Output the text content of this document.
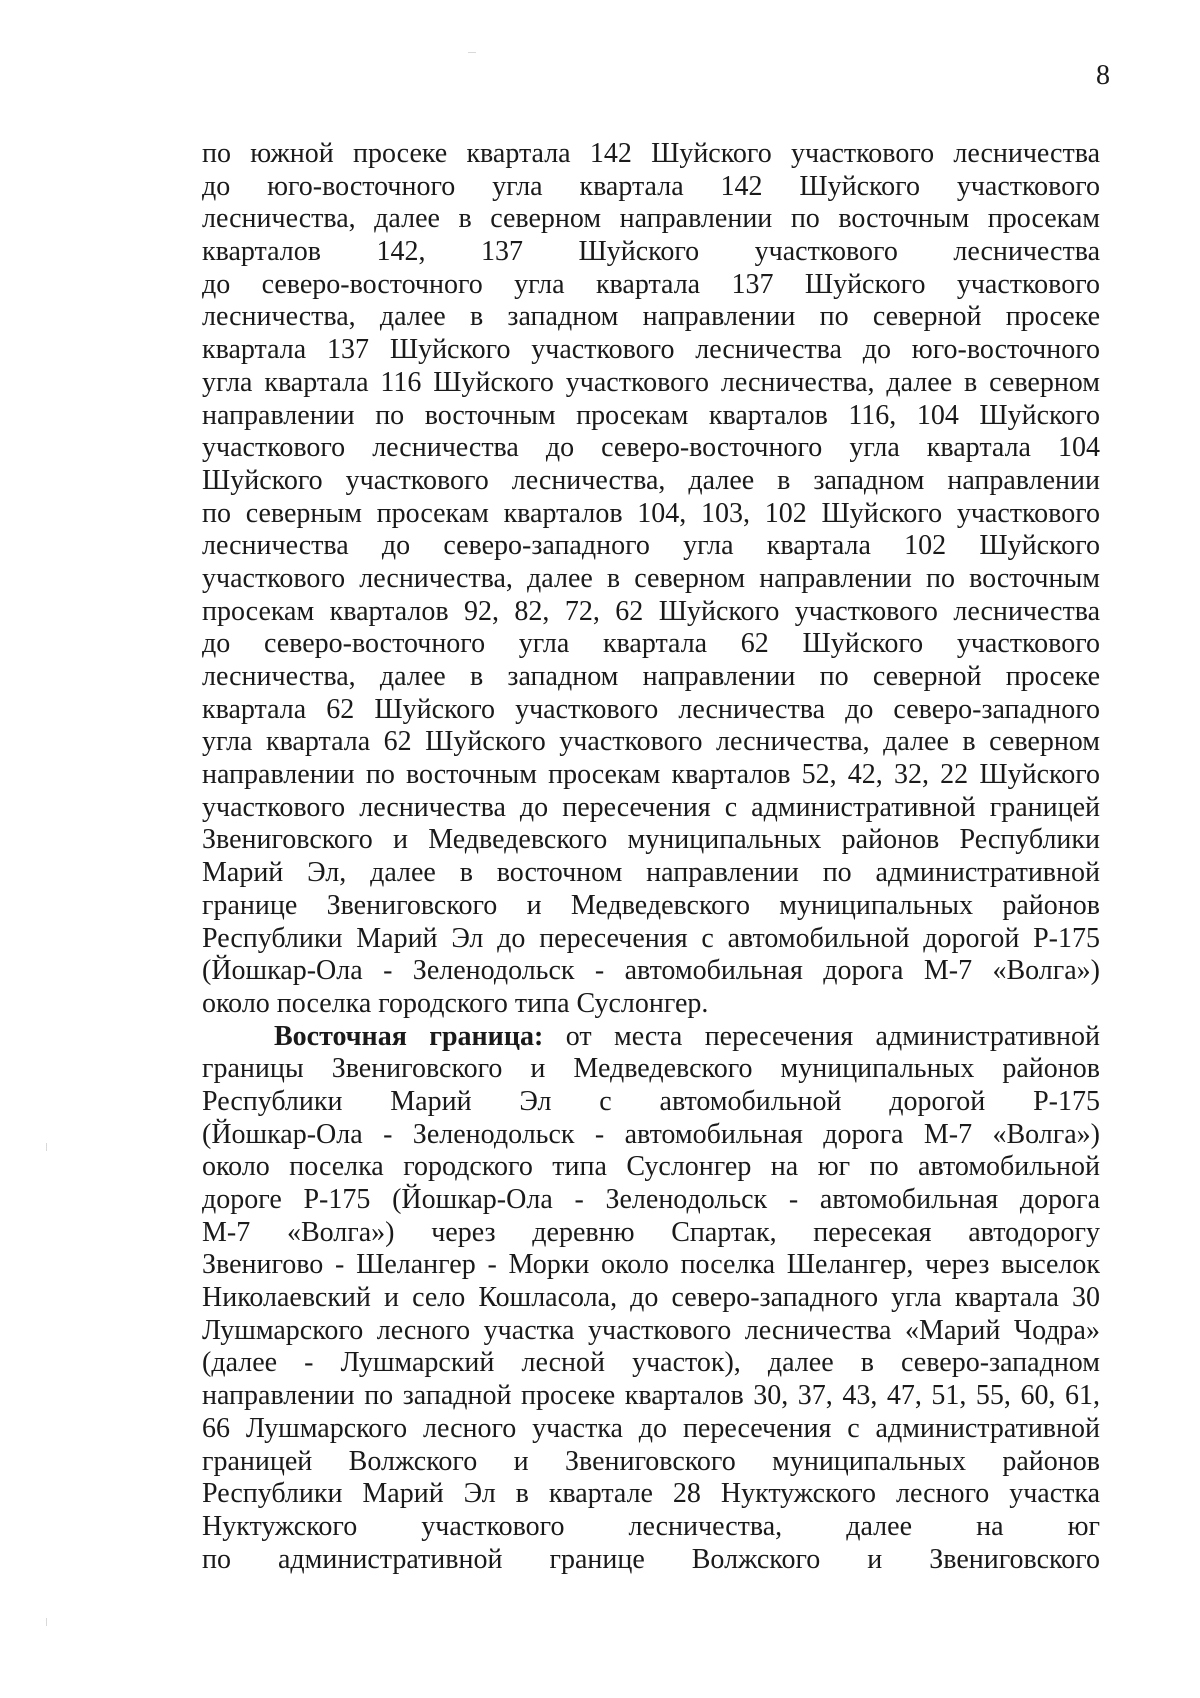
8
по южной просеке квартала 142 Шуйского участкового лесничества
до юго-восточного угла квартала 142 Шуйского участкового
лесничества, далее в северном направлении по восточным просекам
кварталов 142, 137 Шуйского участкового лесничества
до северо-восточного угла квартала 137 Шуйского участкового
лесничества, далее в западном направлении по северной просеке
квартала 137 Шуйского участкового лесничества до юго-восточного
угла квартала 116 Шуйского участкового лесничества, далее в северном
направлении по восточным просекам кварталов 116, 104 Шуйского
участкового лесничества до северо-восточного угла квартала 104
Шуйского участкового лесничества, далее в западном направлении
по северным просекам кварталов 104, 103, 102 Шуйского участкового
лесничества до северо-западного угла квартала 102 Шуйского
участкового лесничества, далее в северном направлении по восточным
просекам кварталов 92, 82, 72, 62 Шуйского участкового лесничества
до северо-восточного угла квартала 62 Шуйского участкового
лесничества, далее в западном направлении по северной просеке
квартала 62 Шуйского участкового лесничества до северо-западного
угла квартала 62 Шуйского участкового лесничества, далее в северном
направлении по восточным просекам кварталов 52, 42, 32, 22 Шуйского
участкового лесничества до пересечения с административной границей
Звениговского и Медведевского муниципальных районов Республики
Марий Эл, далее в восточном направлении по административной
границе Звениговского и Медведевского муниципальных районов
Республики Марий Эл до пересечения с автомобильной дорогой Р-175
(Йошкар-Ола - Зеленодольск - автомобильная дорога М-7 «Волга»)
около поселка городского типа Суслонгер.
Восточная граница: от места пересечения административной
границы Звениговского и Медведевского муниципальных районов
Республики Марий Эл с автомобильной дорогой Р-175
(Йошкар-Ола - Зеленодольск - автомобильная дорога М-7 «Волга»)
около поселка городского типа Суслонгер на юг по автомобильной
дороге Р-175 (Йошкар-Ола - Зеленодольск - автомобильная дорога
М-7 «Волга») через деревню Спартак, пересекая автодорогу
Звенигово - Шелангер - Морки около поселка Шелангер, через выселок
Николаевский и село Кошласола, до северо-западного угла квартала 30
Лушмарского лесного участка участкового лесничества «Марий Чодра»
(далее - Лушмарский лесной участок), далее в северо-западном
направлении по западной просеке кварталов 30, 37, 43, 47, 51, 55, 60, 61,
66 Лушмарского лесного участка до пересечения с административной
границей Волжского и Звениговского муниципальных районов
Республики Марий Эл в квартале 28 Нуктужского лесного участка
Нуктужского участкового лесничества, далее на юг
по административной границе Волжского и Звениговского
